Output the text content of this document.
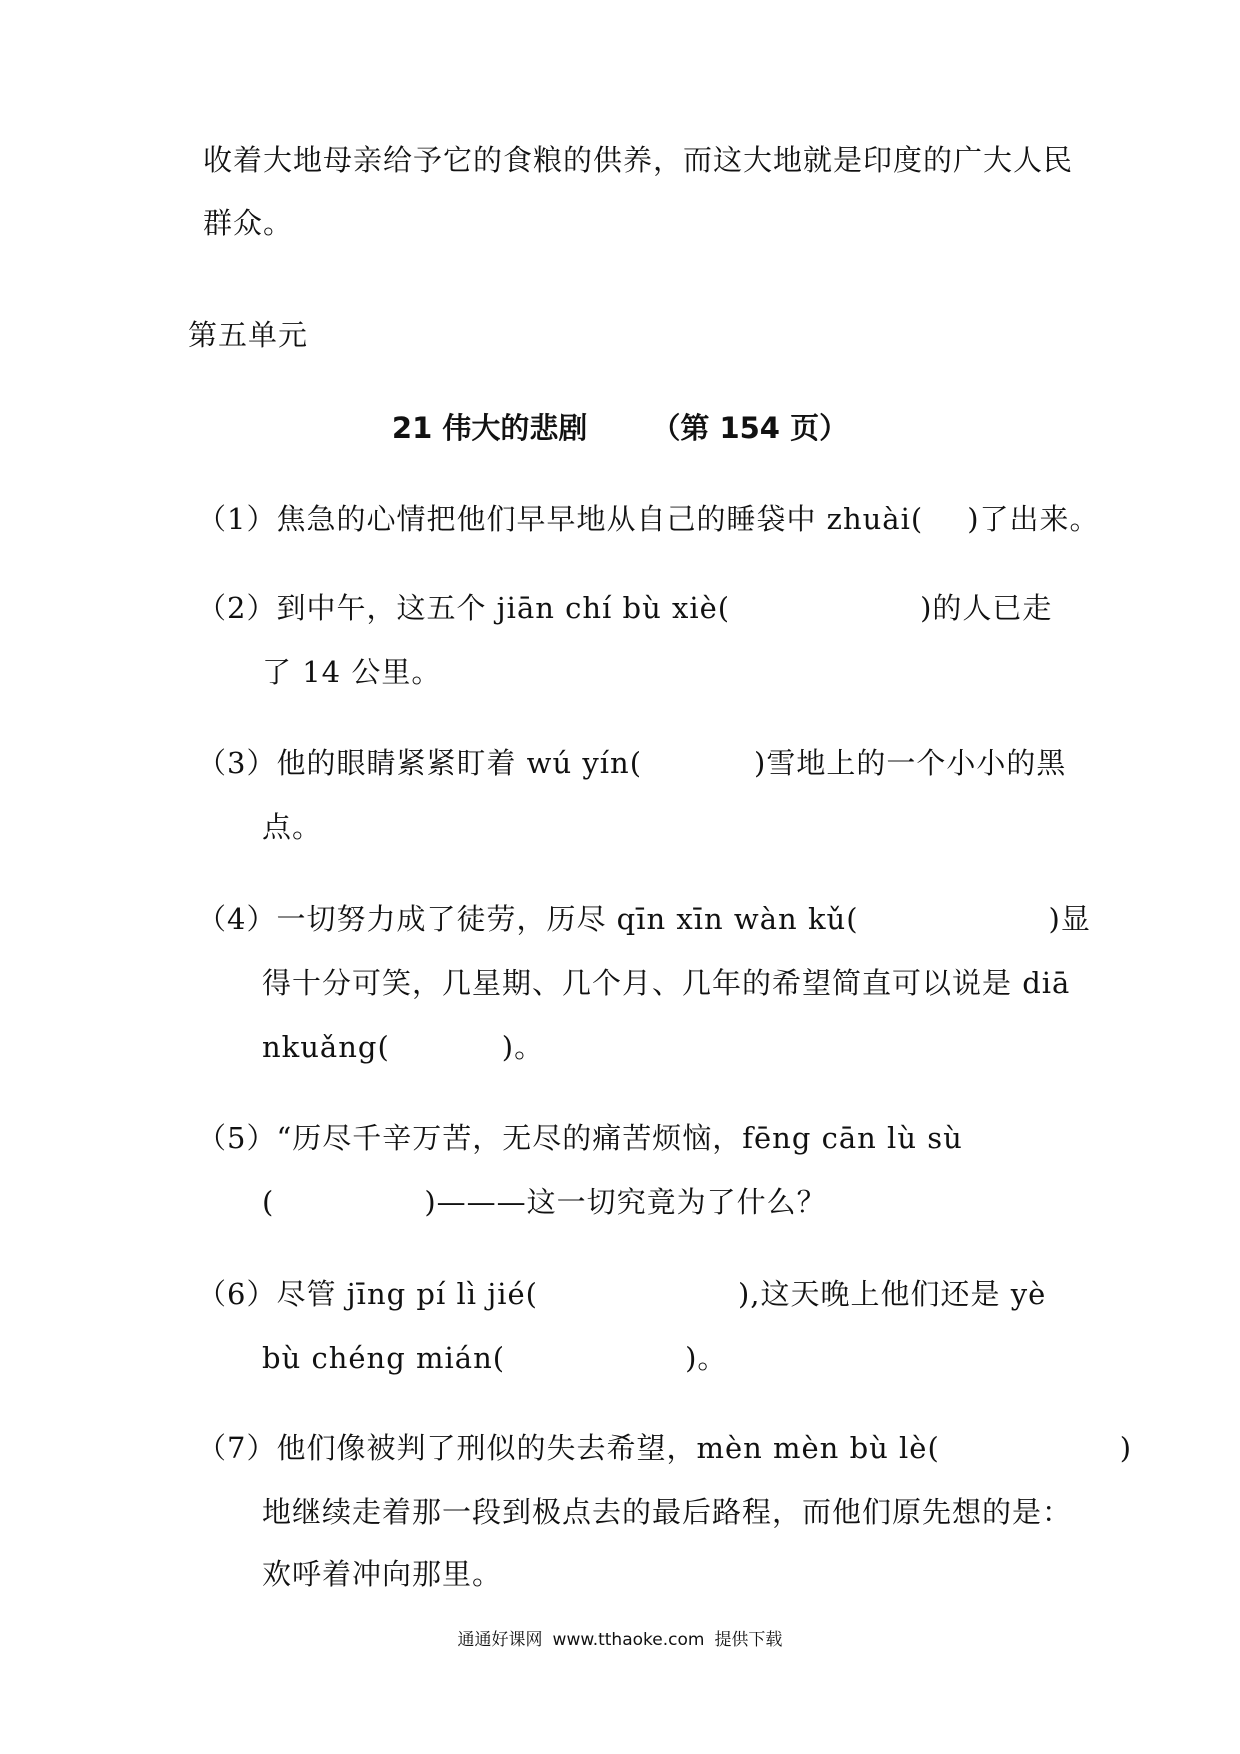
收着大地母亲给予它的食粮的供养，而这大地就是印度的广大人民
群众。
第五单元
21 伟大的悲剧 （第 154 页）
（1）焦急的心情把他们早早地从自己的睡袋中 zhuài( )了出来。
（2）到中午，这五个 jiān chí bù xiè(	)的人已走
了 14 公里。
（3）他的眼睛紧紧盯着 wú yín(	)雪地上的一个小小的黑
点。
（4）一切努力成了徒劳，历尽 qīn xīn wàn kǔ(	)显
得十分可笑，几星期、几个月、几年的希望简直可以说是 diā
nkuǎng(	)。
（5）“历尽千辛万苦，无尽的痛苦烦恼，fēng cān lù sù
(	)———这一切究竟为了什么？
（6）尽管 jīng pí lì jié(	),这天晚上他们还是 yè
bù chéng mián(	)。
（7）他们像被判了刑似的失去希望，mèn mèn bù lè(	)
地继续走着那一段到极点去的最后路程，而他们原先想的是：
欢呼着冲向那里。
通通好课网 www.tthaoke.com 提供下载
